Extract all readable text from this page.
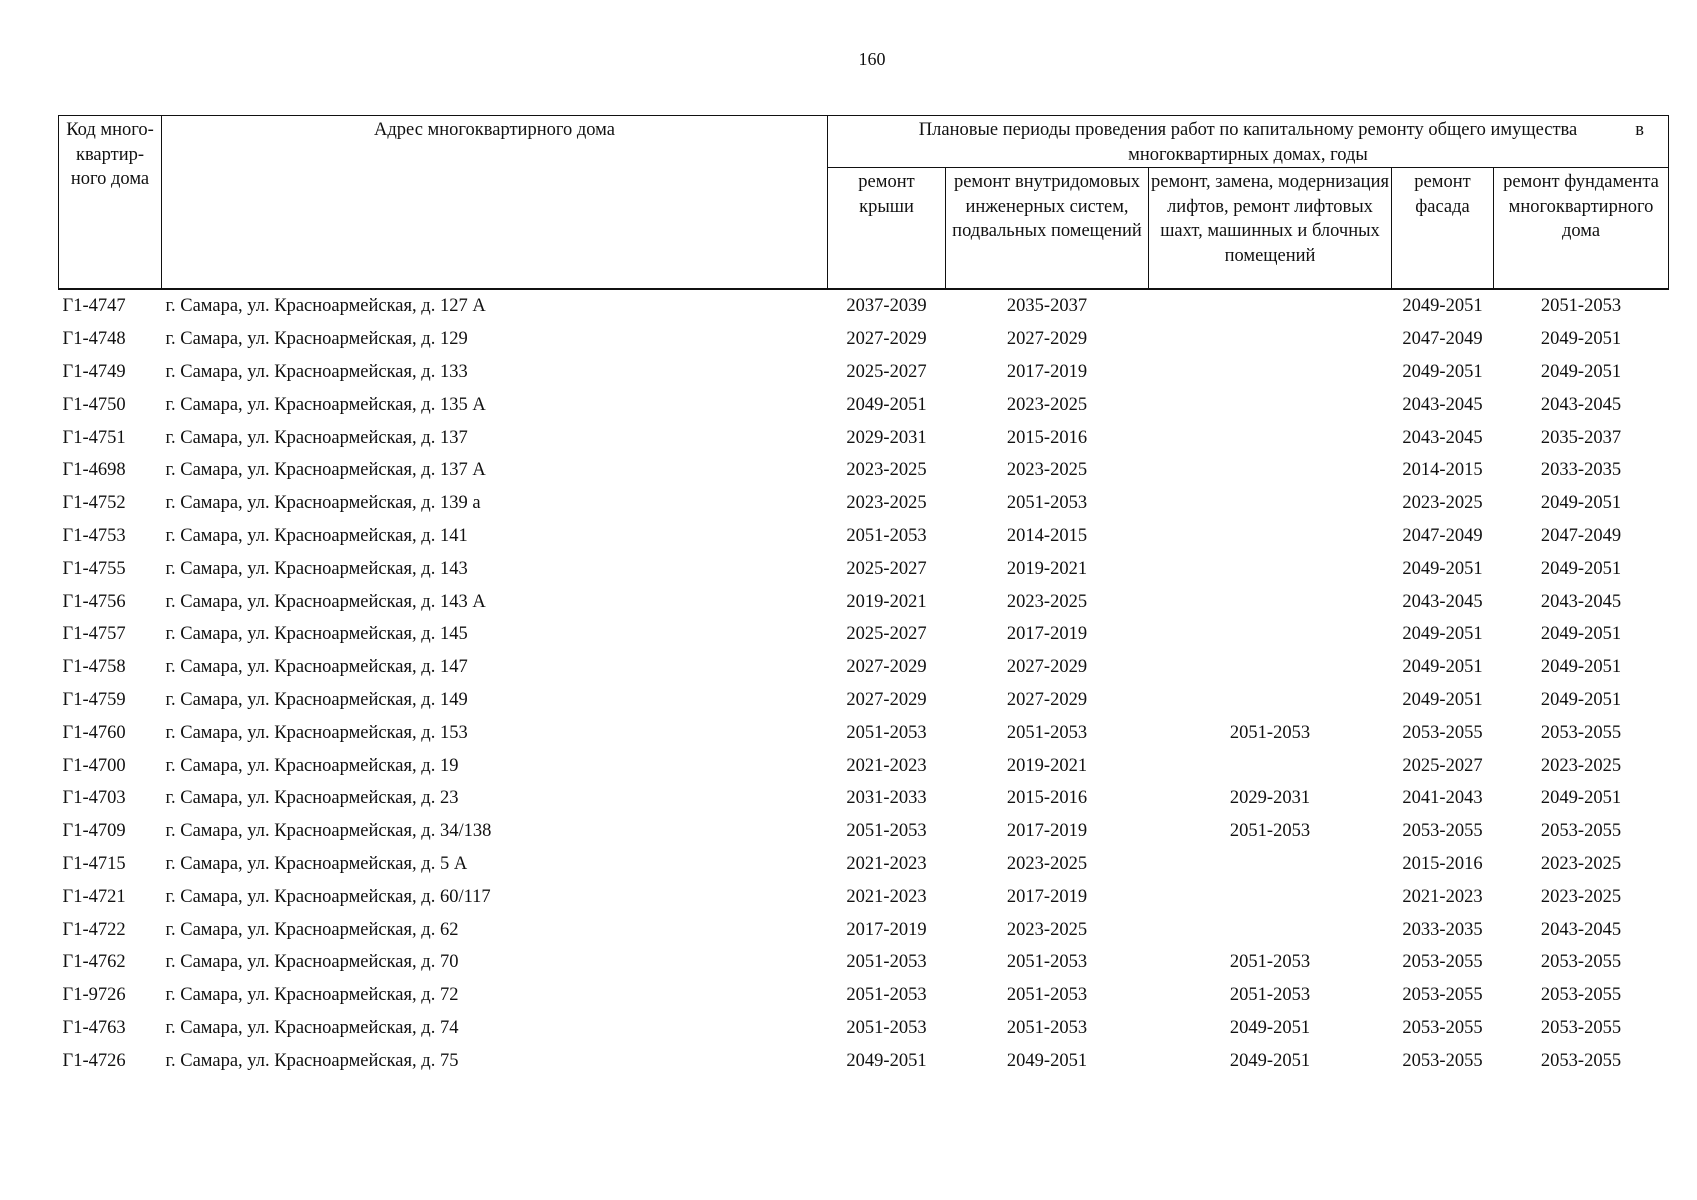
160
Код много-квартир-ного дома	Адрес многоквартирного дома	Плановые периоды проведения работ по капитальному ремонту общего имущества в
многоквартирных домах, годы				

		ремонт крыши	ремонт внутридомовых инженерных систем, подвальных помещений	ремонт, замена, модернизация лифтов, ремонт лифтовых шахт, машинных и блочных помещений	ремонт фасада	ремонт фундамента многоквартирного дома
Г1-4747	г. Самара, ул. Красноармейская, д. 127 А	2037-2039	2035-2037		2049-2051	2051-2053
Г1-4748	г. Самара, ул. Красноармейская, д. 129	2027-2029	2027-2029		2047-2049	2049-2051
Г1-4749	г. Самара, ул. Красноармейская, д. 133	2025-2027	2017-2019		2049-2051	2049-2051
Г1-4750	г. Самара, ул. Красноармейская, д. 135 А	2049-2051	2023-2025		2043-2045	2043-2045
Г1-4751	г. Самара, ул. Красноармейская, д. 137	2029-2031	2015-2016		2043-2045	2035-2037
Г1-4698	г. Самара, ул. Красноармейская, д. 137 А	2023-2025	2023-2025		2014-2015	2033-2035
Г1-4752	г. Самара, ул. Красноармейская, д. 139 а	2023-2025	2051-2053		2023-2025	2049-2051
Г1-4753	г. Самара, ул. Красноармейская, д. 141	2051-2053	2014-2015		2047-2049	2047-2049
Г1-4755	г. Самара, ул. Красноармейская, д. 143	2025-2027	2019-2021		2049-2051	2049-2051
Г1-4756	г. Самара, ул. Красноармейская, д. 143 А	2019-2021	2023-2025		2043-2045	2043-2045
Г1-4757	г. Самара, ул. Красноармейская, д. 145	2025-2027	2017-2019		2049-2051	2049-2051
Г1-4758	г. Самара, ул. Красноармейская, д. 147	2027-2029	2027-2029		2049-2051	2049-2051
Г1-4759	г. Самара, ул. Красноармейская, д. 149	2027-2029	2027-2029		2049-2051	2049-2051
Г1-4760	г. Самара, ул. Красноармейская, д. 153	2051-2053	2051-2053	2051-2053	2053-2055	2053-2055
Г1-4700	г. Самара, ул. Красноармейская, д. 19	2021-2023	2019-2021		2025-2027	2023-2025
Г1-4703	г. Самара, ул. Красноармейская, д. 23	2031-2033	2015-2016	2029-2031	2041-2043	2049-2051
Г1-4709	г. Самара, ул. Красноармейская, д. 34/138	2051-2053	2017-2019	2051-2053	2053-2055	2053-2055
Г1-4715	г. Самара, ул. Красноармейская, д. 5 А	2021-2023	2023-2025		2015-2016	2023-2025
Г1-4721	г. Самара, ул. Красноармейская, д. 60/117	2021-2023	2017-2019		2021-2023	2023-2025
Г1-4722	г. Самара, ул. Красноармейская, д. 62	2017-2019	2023-2025		2033-2035	2043-2045
Г1-4762	г. Самара, ул. Красноармейская, д. 70	2051-2053	2051-2053	2051-2053	2053-2055	2053-2055
Г1-9726	г. Самара, ул. Красноармейская, д. 72	2051-2053	2051-2053	2051-2053	2053-2055	2053-2055
Г1-4763	г. Самара, ул. Красноармейская, д. 74	2051-2053	2051-2053	2049-2051	2053-2055	2053-2055
Г1-4726	г. Самара, ул. Красноармейская, д. 75	2049-2051	2049-2051	2049-2051	2053-2055	2053-2055
